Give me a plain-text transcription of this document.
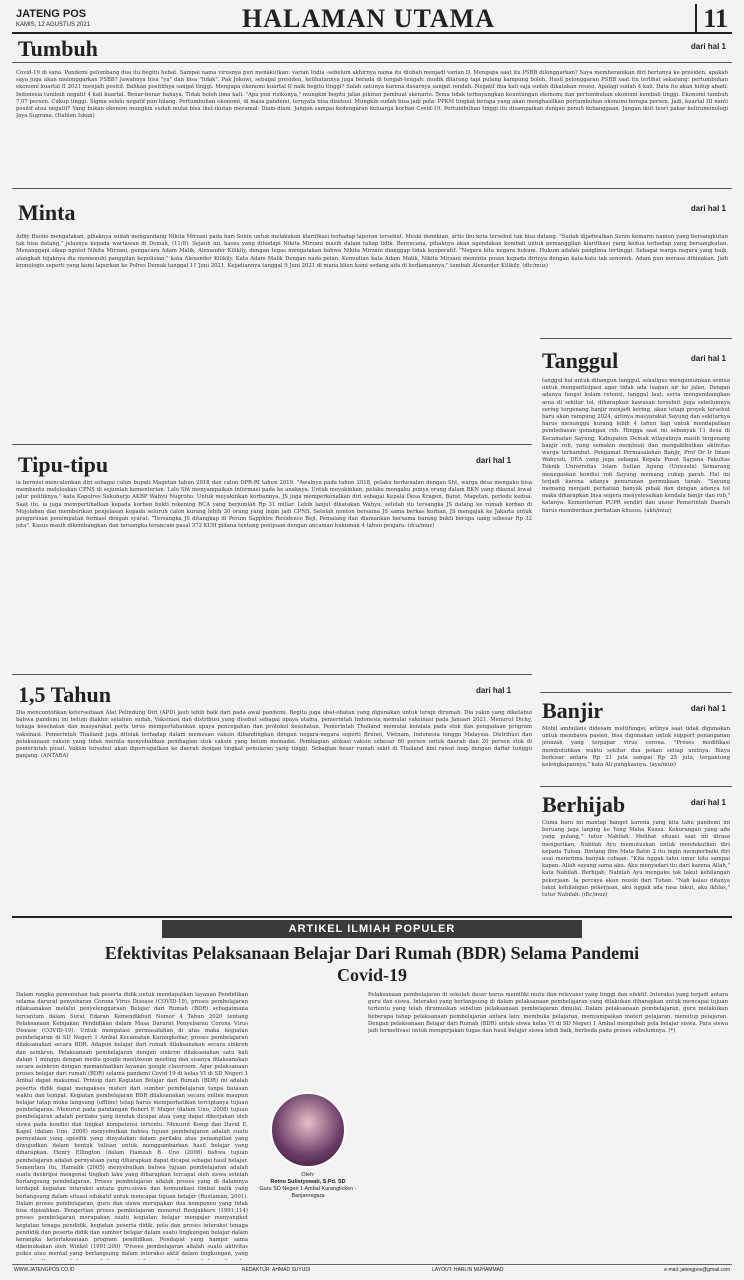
JATENG POS
KAMIS, 12 AGUSTUS 2021	HALAMAN UTAMA	11
Tumbuh	dari hal 1
Covid-19 di sana. Pandemi gelombang dua itu begitu hebat. Sampai nama virusnya pun menakutkan: varian India -sebelum akhirnya nama itu diubah menjadi varian D. Mengapa saat itu PSBB dilonggarkan? Saya memberanikan diri bertanya ke presiden, apakah saya juga akan melonggarkan PSBB? Jawabnya bisa "ya" dan bisa "tidak". Pak Jokowi, sebagai presiden, kelihatannya juga berada di tengah-tengah: mudik dilarang tapi pulang kampung boleh. Hasil pelonggaran PSBB saat itu terlihat sekarang: pertumbuhan ekonomi kuartal II 2021 menjadi positif. Bahkan positifnya sangat tinggi. Mengapa ekonomi kuartal II naik begitu tinggi? Salah satunya karena dasarnya sangat rendah. Negatif dua kali saja sudah dikatakan resesi. Apalagi sudah 4 kali. Data itu akan hidup abadi: Indonesia tumbuh negatif 4 kali kuartal. Benar-benar bahaya. Tidak boleh lima kali. "Apa pun risikonya," mungkin begitu jalan pikiran pembuat skenario. Tema tidak terbayangkan keuntungan ekonomi dan pertumbuhan ekonomi kembali tinggi. Ekonomi tumbuh 7,07 persen. Cukup tinggi. Sigma selalu negatif pun hilang. Pertumbuhan ekonomi, di masa pandemi, ternyata bisa diseteel. Mungkin sudah bisa jadi pola: PPKM tingkat berapa yang akan menghasilkan pertumbuhan ekonomi berapa persen. Jadi, kuartal III nanti positif atau negatif? Yang bukan ekonom mungkin sudah mulai bisa ikut-ikutan meramal. Diam-diam. Jangan sampai kedengaran keluarga korban Covid-19. Pertumbuhan tinggi itu disampaikan dengan penuh kebanggaan. Jangan ikut teori pakar kelirumonologi Jaya Suprana. (Dahlan Iskan)
Minta	dari hal 1
Adhy Buono mengatakan, pihaknya sudah mengundang Nikita Mirzani pada hari Senin untuk melakukan klarifikasi terhadap laporan tersebut. Meski demikian, artis ibu kota tersebut tak bisa datang. "Sudah dijadwalkan Senin kemarin namun yang bersangkutan tak bisa datang," jelasnya kepada wartawan di Demak, (11/8). Sejauh ini, kasus yang dihadapi Nikita Mirzani masih dalam tahap lidik. Berencana, pihaknya akan agendakan kembali untuk pemanggilan klarifikasi yang kedua terhadap yang bersangkutan. Menanggapi sikap ngotot Nikita Mirzani, pengacara Adam Malik, Alexander Kilikily, dengan tegas mengatakan bahwa Nikita Mirzani dianggap tidak kooperatif. "Negara kita negara hukum. Hukum adalah panglima tertinggi. Sebagai warga negara yang baik, alangkah bijaknya dia memenuhi panggilan kepolisian," kata Alexander Kilikily. Kata Adam Malik Dengan nada pelan. Kemudian kata Adam Malik, Nikita Mirzani meminta pesan kepada dirinya dengan kata-kata tak senonoh. Adam pun merasa dihinakan. Jadi kronologis seperti yang kami laporkan ke Polres Demak tanggal 11 Juni 2021. Kejadiannya tanggal 9 Juni 2021 di mana klien kami sedang ada di kediamannya," tambah Alexander Kilikily. (dtc/muz)
Tipu-tipu	dari hal 1
ia bermisi mencalonkan diri sebagai calon bupati Magetan tahun 2018 dan calon DPR-RI tahun 2019. "Awalnya pada tahun 2018, pelaku berkenalan dengan Sht, warga desa mengaku bisa membantu meloloskan CPNS di sejumlah kementerian. Lalu Sht menyampaikan informasi pada ke anaknya. Untuk meyakinkan, pelaku mengaku punya orang dalam BKN yang dikenal lewat jalur politiknya," kata Kapolres Sukoharjo AKBP Wahyu Nugroho. Untuk meyakinkan korbannya, JS juga memperkenalkan diri sebagai Kepala Desa Kragen, Barat, Magetan, periode kedua. Saat itu, ia juga mempertihatkan kepada korban bukti rekening BCA yang berjumlah Rp 31 miliar. Lebih lanjut dikatakan Wahyu, setelah itu tersangka JS datang ke rumah korban di Mojolaban dan memberikan penjelasan kepada seluruh calon kurang lebih 30 orang yang ingin jadi CPNS. Setelah nonton bersama JS sama berkas korban, JS mengajak ke Jakarta untuk pengurusan penempatan formasi dengan syarat. "Tersangka JS ditangkap di Perum Sapphire Residence Beji, Pemalang dan diamankan bersama barang bukti berupa uang sebesar Rp 32 juta". Kasus masih dikembangkan dan tersangka terancam pasal 372 KUH pidana tentang penipuan dengan ancaman hukuman 4 tahun penjara. (dca/muz)
Tanggul	dari hal 1
tanggul hal untuk dibangun tanggul, sekaligus mengumumkan semua untuk mengantisipasi agar tidak ada luapan air ke jalan. Dengan adanya fungsi kolam retensi, tanggul laut, serta mengembangkan area di sekitar tol, diharapkan kawasan tersebut juga sebelumnya sering tergenang banjir menjadi kering, akan tetapi proyek tersebut baru akan rampung 2024, artinya masyarakat Sayung dan sekitarnya harus menunggu kurang lebih 4 tahun lagi untuk mendapatkan pembebasan genangan rob. Hingga saat ini sebanyak 11 desa di Kecamatan Sayung, Kabupaten Demak wilayahnya masih tergenang banjir rob, yang semakin membuat dan mengakibatkan aktivitas warga terhambat. Pengamat Permasalahan Banjir, Prof Dr Ir Imam Wahyudi, DEA yang juga sebagai Kepala Pusat Sarjana Fakultas Teknik Universitas Islam Sultan Agung (Unissula) Semarang menegaskan kondisi rob Sayung memang cukup parah. Hal ini terjadi karena adanya penurunan permukaan tanah. "Sayung memang menjadi perhatian banyak pihak dan dengan adanya tol maka diharapkan bisa segera menyelesaikan kendala banjir dan rob," katanya. Kementerian PUPR sendiri dan unsur Pemerintah Daerah harus memberikan perhatian khusus. (akh/muz)
1,5 Tahun	dari hal 1
Dia mencontohkan ketersediaan Alat Pelindung Diri (APD) jauh lebih baik dari pada awal pandemi. Begitu juga obat-obatan yang digunakan untuk terapi dirumah. Dia yakin yang diketahui bahwa pandemi ini belum diakhir setahun sudah. Vaksinasi dan distribusi yang disebut sebagai upaya utama, pemerintah Indonesia memulai vaksinasi pada Januari 2021. Menurut Dicky, tenaga kesehatan dan masyarakat perlu terus mempertahankan upaya pencegahan dan protokol kesehatan. Pemerintah Thailand memulai kendala pada stok dan pengadaan program vaksinasi. Pemerintah Thailand juga ditolak terhadap dalam memesan vaksin dibandingkan dengan negara-negara seperti Brunei, Vietnam, Indonesia hingga Malaysia. Distribusi dan pelaksanaan vaksin yang tidak merata menyebabkan pembagian stok vaksin yang belum memadai. Pembagian alokasi vaksin sebesar 60 persen untuk daerah dan 20 persen stok di pemerintah pusat. Vaksin tersebut akan dipercepatkan ke daerah dengan tingkat penularan yang tinggi. Sebagian besar rumah sakit di Thailand kini rawat inap dengan daftar tunggu panjang. (ANTARA)
Banjir	dari hal 1
Mobil ambulans didesain multifungsi, artinya saat tidak digunakan untuk membawa pasien, bisa digunakan untuk support penanganan jenazah yang terpapar virus corona. "Proses modifikasi membutuhkan waktu sekitar dua pekan setiap unitnya. Biaya berkisar antara Rp 21 juta sampai Rp 25 juta, tergantung kelengkapannya," kata Ali pungkasnya. (aya/muz)
Berhijab	dari hal 1
Cuma baru ini mantap banget karena yang kita tahu pandemi ini beruang jaga lanjing ke Yang Maha Kuasa. Kekurangan yang ada yang pulang," tutur Nabilah. Melihat situasi saat ini dirasa mengerikan, Nabilah Ayu memutuskan untuk mendekatkan diri kepada Tuhan. Bintang film Mata Batin 2 itu ingin memperbaiki diri usai menerima banyak cobaan. "Kita nggak tahu umur kita sampai kapan. Allah sayang sama aku. Aku menyadari itu dari karena Allah," kata Nabilah. Berhijab, Nabilah Ayu mengaku tak takut kehilangan pekerjaan. Ia percaya akan rezeki dari Tuhan. "Nah kalau ditanya takut kehilangan pekerjaan, aku nggak ada rasa takut, aku ikhlas," tutur Nabilah. (dtc/muz)
ARTIKEL ILMIAH POPULER
Efektivitas Pelaksanaan Belajar Dari Rumah (BDR) Selama Pandemi Covid-19
Dalam rangka pemenuhan hak peserta didik untuk mendapatkan layanan Pendidikan selama darurat penyebaran Corona Virus Disease (COVID-19), proses pembelajaran dilaksanakan melalui penyelenggaraan Belajar dari Rumah (BDR) sebagaimana tercantum dalam Surat Edaran Kemendikbud Nomor 4 Tahun 2020 tentang Pelaksanaan Kebijakan Pendidikan dalam Masa Darurat Penyebaran Corona Virus Disease (COVID-19). Untuk mengatasi permasalahan di atas maka kegiatan pembelajaran di SD Negeri 1 Ambal Kecamatan Karangkobar, proses pembelajaran dilaksanakan secara BDR. Adapun belajar dari rumah dilaksanakan secara sinkron dan asinkron. Pelaksanaan pembelajaran dengan sinkron dilaksanakan satu kali dalam 1 minggu dengan media google meet/zoom meeting dan sisanya dilaksanakan secara asinkron dengan memanfaatkan layanan google classroom. Agar pelaksanaan proses belajar dari rumah (BDR) selama pandemi Covid-19 di kelas VI di SD Negeri 1 Ambal dapat maksimal. Prinsip dari Kegiatan Belajar dari Rumah (BDR) ini adalah peserta didik dapat mengakses materi dari sumber pembelajaran tanpa batasan waktu dan tempat. Kegiatan pembelajaran BDR dilaksanakan secara online maupun belajar tatap muka langsung (offline) tetap harus memperhatikan terciptanya tujuan pembelajaran. Menurut pada pandangan Robert E Mager (dalam Uno, 2008) tujuan pembelajaran adalah perilaku yang hendak dicapai atau yang dapat dikerjakan oleh siswa pada kondisi dan tingkat kompetensi tertentu. Menurut Kemp dan David E. Kapel (dalam Uno, 2008) menyebutkan bahwa tujuan pembelajaran adalah suatu pernyataan yang spesifik yang dinyatakan dalam perilaku atau penampilan yang diwujudkan dalam bentuk tulisan untuk menggambarkan hasil belajar yang diharapkan. Henry Ellington (dalam Hamzah B. Uno (2008) bahwa tujuan pembelajaran adalah pernyataan yang diharapkan dapat dicapai sebagai hasil belajar. Sementara itu, Hamalik (2005) menyebutkan bahwa tujuan pembelajaran adalah suatu deskripsi mengenai tingkah laku yang diharapkan tercapai oleh siswa setelah berlangsung pembelajaran. Proses pembelajaran adalah proses yang di dalamnya terdapat kegiatan interaksi antara guru-siswa dan komunikasi timbal balik yang berlangsung dalam situasi edukatif untuk mencapai tujuan belajar (Rustaman, 2001). Dalam proses pembelajaran, guru dan siswa merupakan dua komponen yang tidak bisa dipisahkan. Pengertian proses pembelajaran menurut Rooijakkers (1991:114) proses pembelajaran merupakan suatu kegiatan belajar mengajar menyangkut kegiatan tenaga pendidik, kegiatan peserta didik, pola dan proses interaksi tenaga pendidik dan peserta didik dan sumber belajar dalam suatu lingkungan belajar dalam kerangka keterlaksanaan program pendidikan. Pendapat yang hampir sama dikemukakan oleh Winkel (1991:200) "Proses pembelajaran adalah suatu aktivitas psikis atau mental yang berlangsung dalam interaksi aktif dalam lingkungan, yang
Oleh:
Retno Sulistyowati, S.Pd. SD
Guru SD Negeri 1 Ambal Karanglicken - Banjarnegara
Pelaksanaan pembelajaran di sekolah dasar harus memiliki mutu dan relevansi yang tinggi dan efektif. Interaksi yang terjadi antara guru dan siswa. Interaksi yang berlangsung di dalam pelaksanaan pembelajaran yang dilakukan diharapkan untuk mencapai tujuan tertentu yang telah dirumuskan sebelum pelaksanaan pembelajaran dimulai. Dalam pelaksanaan pembelajaran, guru melakukan beberapa tahap pelaksanaan pembelajaran antara lain: membuka pelajaran, menyampaikan materi pelajaran, menutup pelajaran. Dengan pelaksanaan Belajar dari Rumah (BDR) untuk siswa kelas VI di SD Negeri 1 Ambal mengubah pola belajar siswa. Para siswa jadi termotivasi untuk mengerjakan tugas dan hasil belajar siswa lebih baik, berbeda pada proses sebelumnya. (*)
WWW.JATENGPOS.CO.ID	REDAKTUR: AHMAD SUYUDI	LAYOUT: HARLIN MUHAMMAD	e-mail: jatengpos@gmail.com
